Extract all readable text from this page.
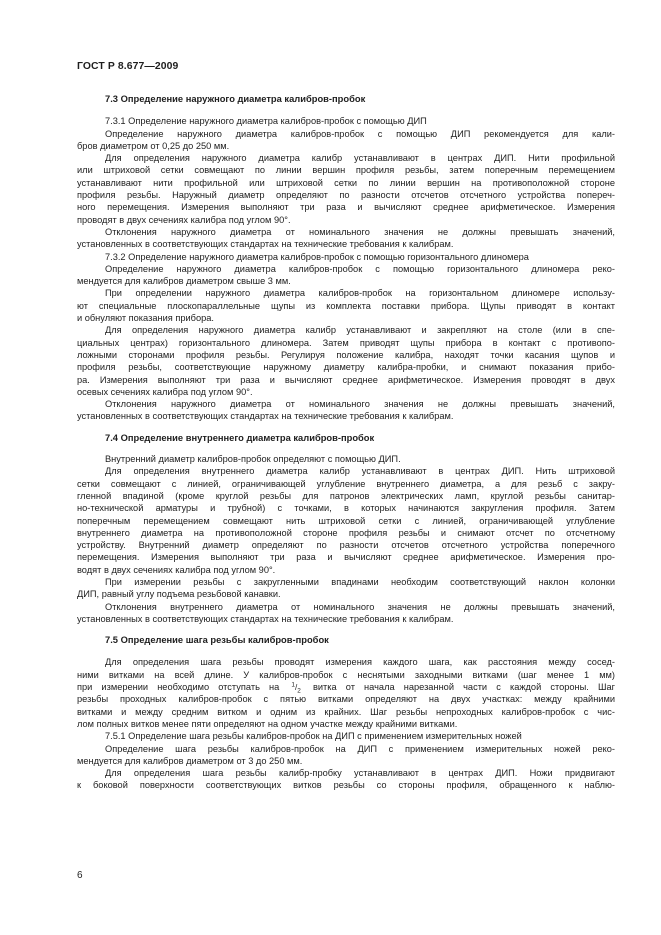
ГОСТ Р 8.677—2009
7.3 Определение наружного диаметра калибров-пробок
7.3.1 Определение наружного диаметра калибров-пробок с помощью ДИП
Определение наружного диаметра калибров-пробок с помощью ДИП рекомендуется для кали-
бров диаметром от 0,25 до 250 мм.
Для определения наружного диаметра калибр устанавливают в центрах ДИП. Нити профильной
или штриховой сетки совмещают по линии вершин профиля резьбы, затем поперечным перемещением
устанавливают нити профильной или штриховой сетки по линии вершин на противоположной стороне
профиля резьбы. Наружный диаметр определяют по разности отсчетов отсчетного устройства попереч-
ного перемещения. Измерения выполняют три раза и вычисляют среднее арифметическое. Измерения
проводят в двух сечениях калибра под углом 90°.
Отклонения наружного диаметра от номинального значения не должны превышать значений,
установленных в соответствующих стандартах на технические требования к калибрам.
7.3.2 Определение наружного диаметра калибров-пробок с помощью горизонтального длиномера
Определение наружного диаметра калибров-пробок с помощью горизонтального длиномера реко-
мендуется для калибров диаметром свыше 3 мм.
При определении наружного диаметра калибров-пробок на горизонтальном длиномере использу-
ют специальные плоскопараллельные щупы из комплекта поставки прибора. Щупы приводят в контакт
и обнуляют показания прибора.
Для определения наружного диаметра калибр устанавливают и закрепляют на столе (или в спе-
циальных центрах) горизонтального длиномера. Затем приводят щупы прибора в контакт с противопо-
ложными сторонами профиля резьбы. Регулируя положение калибра, находят точки касания щупов и
профиля резьбы, соответствующие наружному диаметру калибра-пробки, и снимают показания прибо-
ра. Измерения выполняют три раза и вычисляют среднее арифметическое. Измерения проводят в двух
осевых сечениях калибра под углом 90°.
Отклонения наружного диаметра от номинального значения не должны превышать значений,
установленных в соответствующих стандартах на технические требования к калибрам.
7.4 Определение внутреннего диаметра калибров-пробок
Внутренний диаметр калибров-пробок определяют с помощью ДИП.
Для определения внутреннего диаметра калибр устанавливают в центрах ДИП. Нить штриховой
сетки совмещают с линией, ограничивающей углубление внутреннего диаметра, а для резьб с закру-
гленной впадиной (кроме круглой резьбы для патронов электрических ламп, круглой резьбы санитар-
но-технической арматуры и трубной) с точками, в которых начинаются закругления профиля. Затем
поперечным перемещением совмещают нить штриховой сетки с линией, ограничивающей углубление
внутреннего диаметра на противоположной стороне профиля резьбы и снимают отсчет по отсчетному
устройству. Внутренний диаметр определяют по разности отсчетов отсчетного устройства поперечного
перемещения. Измерения выполняют три раза и вычисляют среднее арифметическое. Измерения про-
водят в двух сечениях калибра под углом 90°.
При измерении резьбы с закругленными впадинами необходим соответствующий наклон колонки
ДИП, равный углу подъема резьбовой канавки.
Отклонения внутреннего диаметра от номинального значения не должны превышать значений,
установленных в соответствующих стандартах на технические требования к калибрам.
7.5 Определение шага резьбы калибров-пробок
Для определения шага резьбы проводят измерения каждого шага, как расстояния между сосед-
ними витками на всей длине. У калибров-пробок с неснятыми заходными витками (шаг менее 1 мм)
при измерении необходимо отступать на $^1/_2$ витка от начала нарезанной части с каждой стороны. Шаг
резьбы проходных калибров-пробок с пятью витками определяют на двух участках: между крайними
витками и между средним витком и одним из крайних. Шаг резьбы непроходных калибров-пробок с чис-
лом полных витков менее пяти определяют на одном участке между крайними витками.
7.5.1 Определение шага резьбы калибров-пробок на ДИП с применением измерительных ножей
Определение шага резьбы калибров-пробок на ДИП с применением измерительных ножей реко-
мендуется для калибров диаметром от 3 до 250 мм.
Для определения шага резьбы калибр-пробку устанавливают в центрах ДИП. Ножи придвигают
к боковой поверхности соответствующих витков резьбы со стороны профиля, обращенного к наблю-
6
